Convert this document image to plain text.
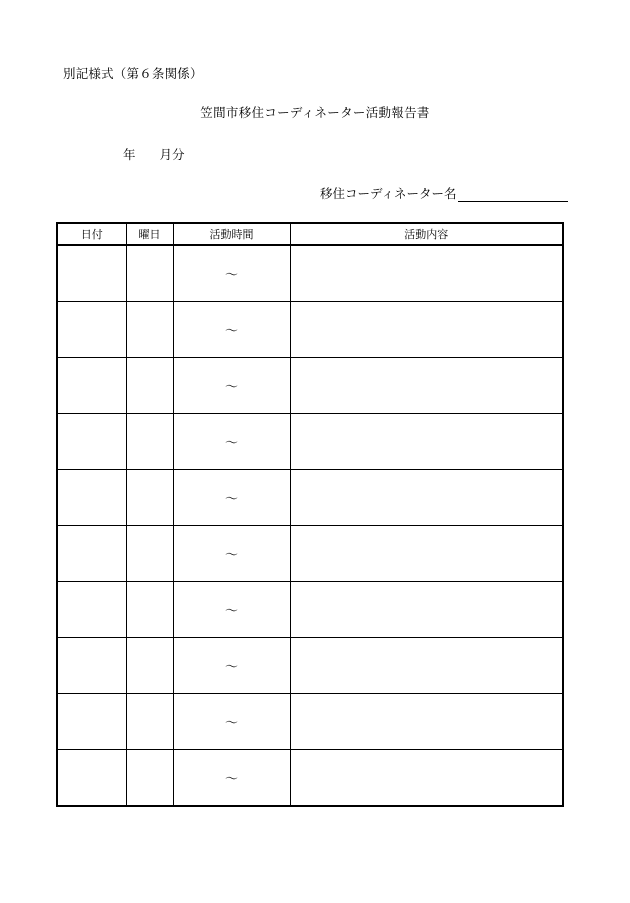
別記様式（第６条関係）
笠間市移住コーディネーター活動報告書
年 月分
移住コーディネーター名
日付	曜日	活動時間	活動内容
		～	
		～	
		～	
		～	
		～	
		～	
		～	
		～	
		～	
		～	
